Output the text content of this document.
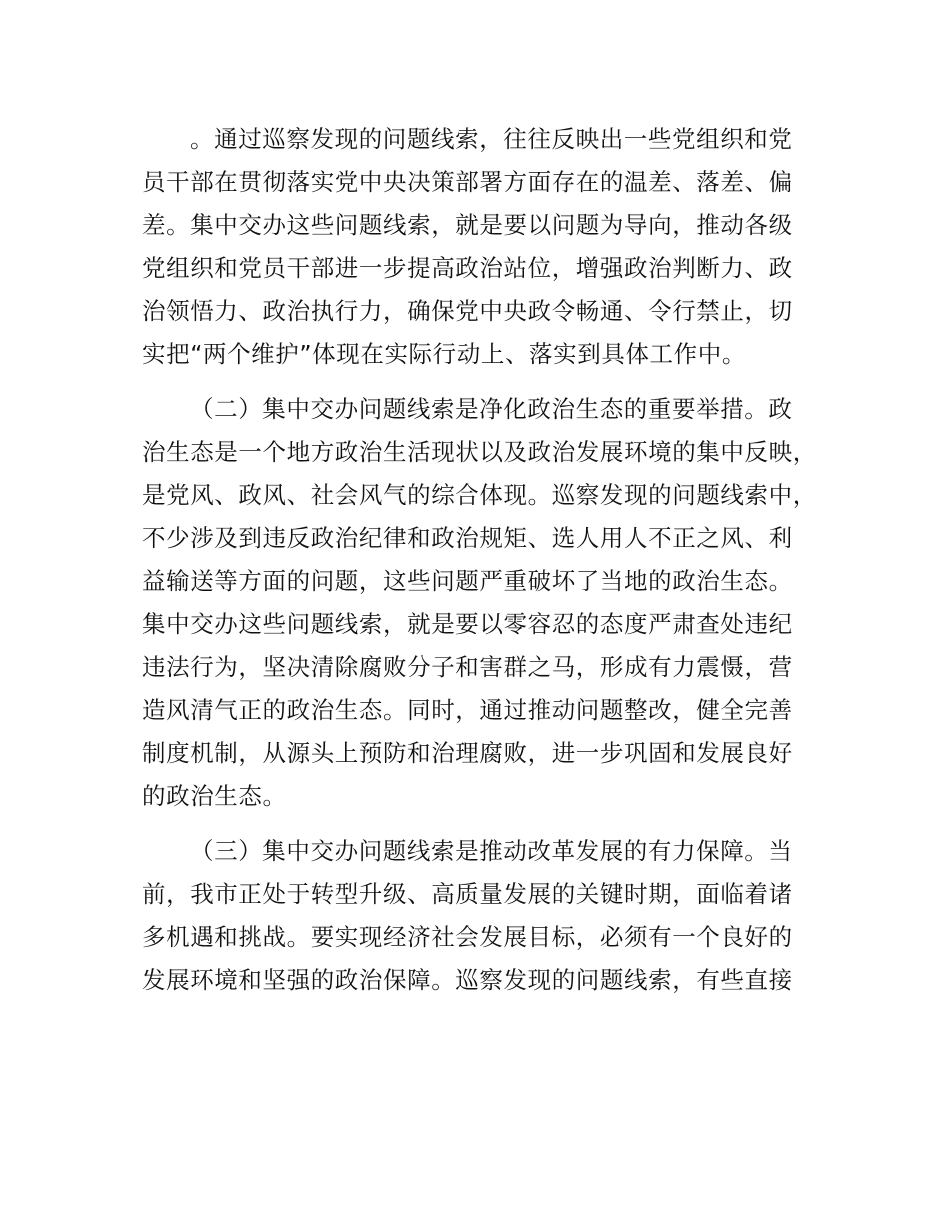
。通过巡察发现的问题线索，往往反映出一些党组织和党
员干部在贯彻落实党中央决策部署方面存在的温差、落差、偏
差。集中交办这些问题线索，就是要以问题为导向，推动各级
党组织和党员干部进一步提高政治站位，增强政治判断力、政
治领悟力、政治执行力，确保党中央政令畅通、令行禁止，切
实把“两个维护”体现在实际行动上、落实到具体工作中。
（二）集中交办问题线索是净化政治生态的重要举措。政
治生态是一个地方政治生活现状以及政治发展环境的集中反映，
是党风、政风、社会风气的综合体现。巡察发现的问题线索中，
不少涉及到违反政治纪律和政治规矩、选人用人不正之风、利
益输送等方面的问题，这些问题严重破坏了当地的政治生态。
集中交办这些问题线索，就是要以零容忍的态度严肃查处违纪
违法行为，坚决清除腐败分子和害群之马，形成有力震慑，营
造风清气正的政治生态。同时，通过推动问题整改，健全完善
制度机制，从源头上预防和治理腐败，进一步巩固和发展良好
的政治生态。
（三）集中交办问题线索是推动改革发展的有力保障。当
前，我市正处于转型升级、高质量发展的关键时期，面临着诸
多机遇和挑战。要实现经济社会发展目标，必须有一个良好的
发展环境和坚强的政治保障。巡察发现的问题线索，有些直接
